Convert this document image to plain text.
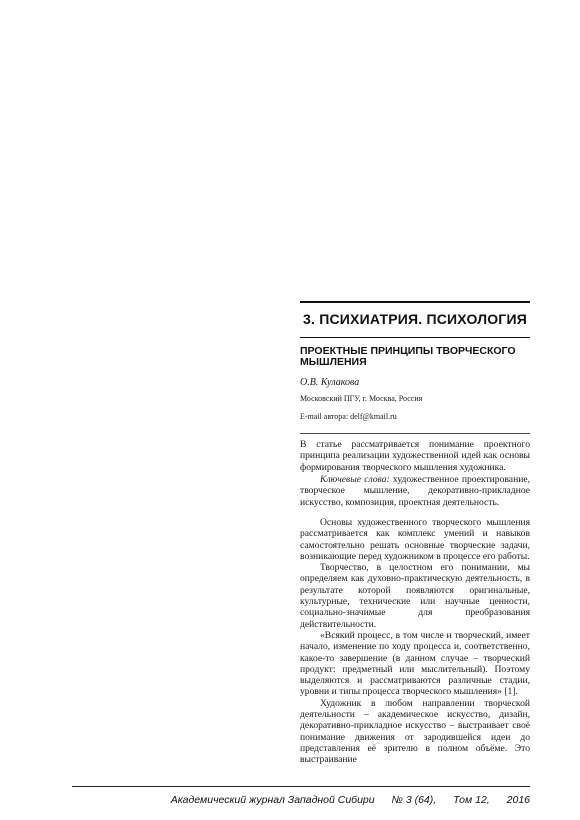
3. ПСИХИАТРИЯ. ПСИХОЛОГИЯ
ПРОЕКТНЫЕ ПРИНЦИПЫ ТВОРЧЕСКОГО МЫШЛЕНИЯ
О.В. Кулакова
Московский ПГУ, г. Москва, Россия
E-mail автора: delf@kmail.ru

В статье рассматривается понимание проектного принципа реализации художественной идей как основы формирования творческого мышления художника.

Ключевые слова: художественное проектирование, творческое мышление, декоративно-прикладное искусство, композиция, проектная деятельность.

Основы художественного творческого мышления рассматривается как комплекс умений и навыков самостоятельно решать основные творческие задачи, возникающие перед художником в процессе его работы.

Творчество, в целостном его понимании, мы определяем как духовно-практическую деятельность, в результате которой появляются оригинальные, культурные, технические или научные ценности, социально-значимые для преобразования действительности.

«Всякий процесс, в том числе и творческий, имеет начало, изменение по ходу процесса и, соответственно, какое-то завершение (в данном случае – творческий продукт: предметный или мыслительный). Поэтому выделяются и рассматриваются различные стадии, уровни и типы процесса творческого мышления» [1].

Художник в любом направлении творческой деятельности – академическое искусство, дизайн, декоративно-прикладное искусство – выстраивает своё понимание движения от зародившейся идеи до представления её зрителю в полном объёме. Это выстраивание

Академический журнал Западной Сибири № 3 (64), Том 12, 2016
